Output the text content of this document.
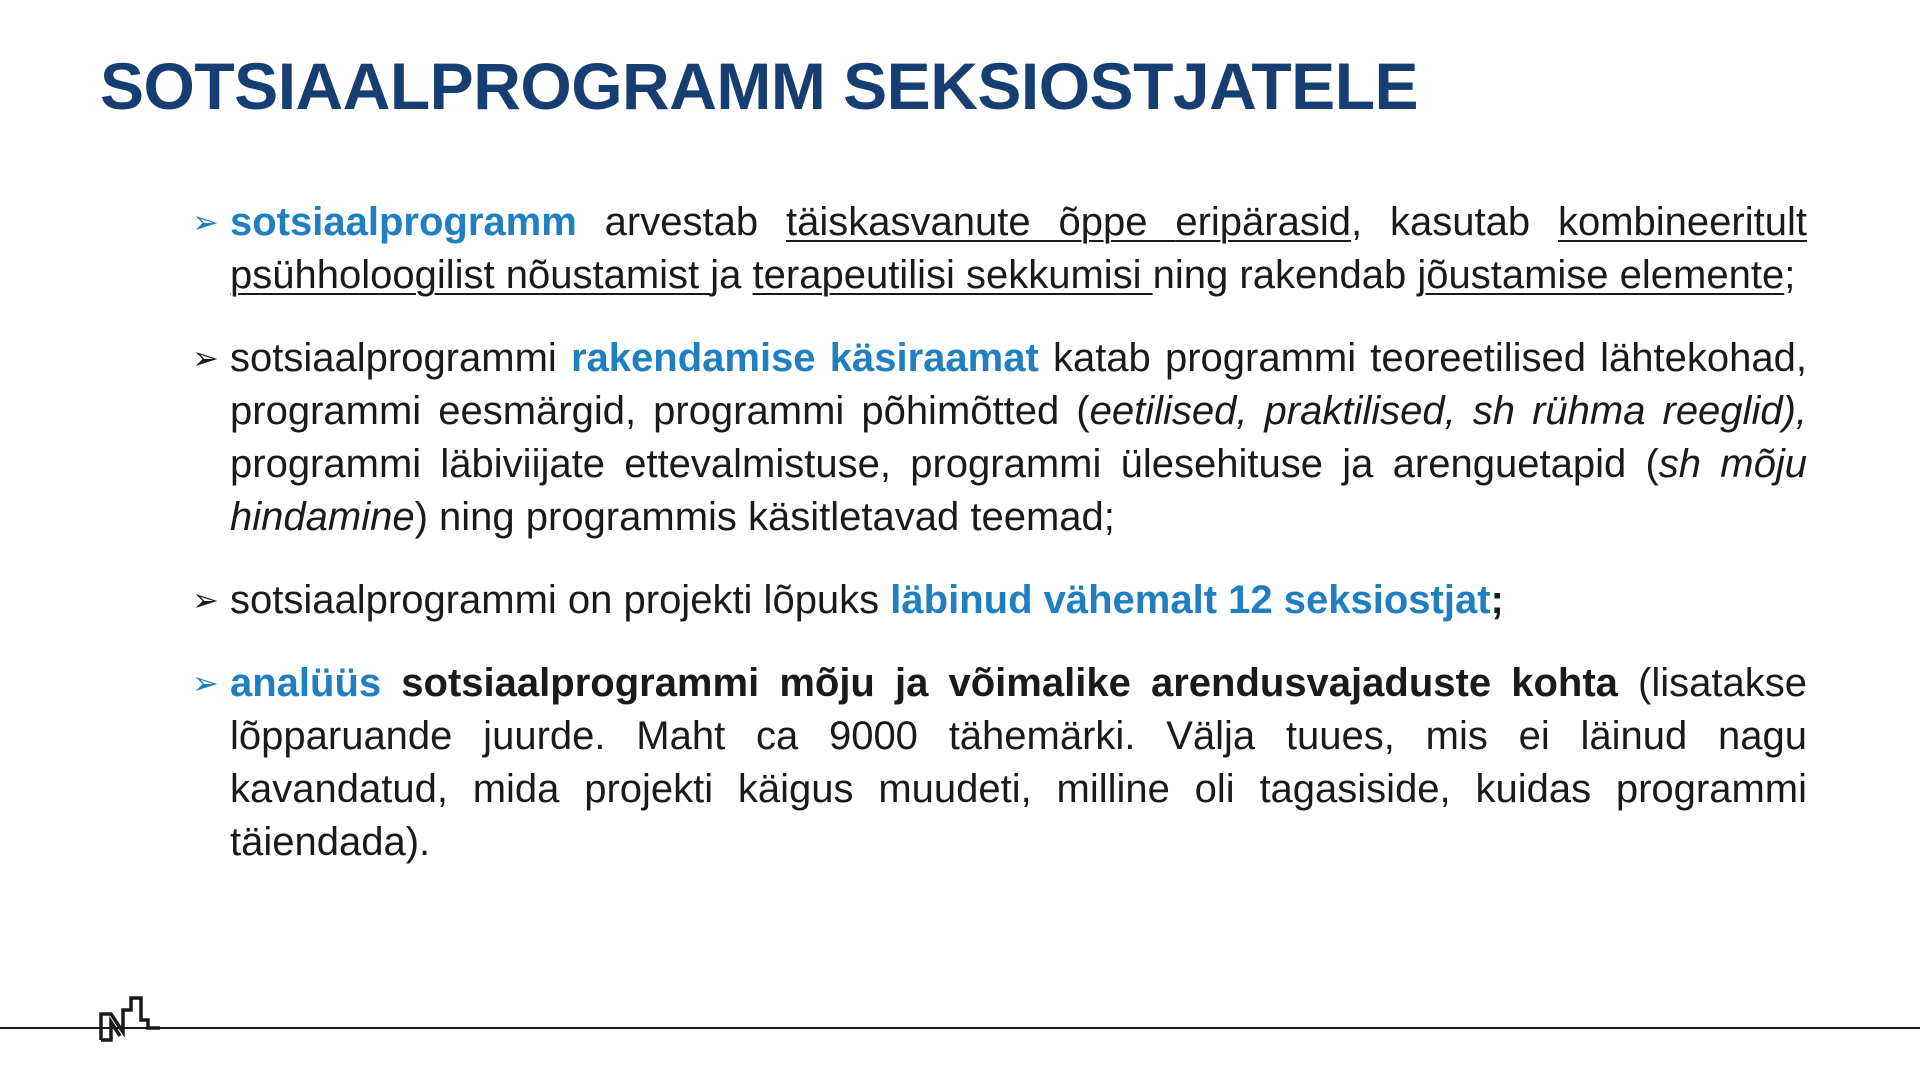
SOTSIAALPROGRAMM SEKSIOSTJATELE
➢ sotsiaalprogramm arvestab täiskasvanute õppe eripärasid, kasutab kombineeritult psühholoogilist nõustamist ja terapeutilisi sekkumisi ning rakendab jõustamise elemente;
➢ sotsiaalprogrammi rakendamise käsiraamat katab programmi teoreetilised lähtekohad, programmi eesmärgid, programmi põhimõtted (eetilised, praktilised, sh rühma reeglid), programmi läbiviijate ettevalmistuse, programmi ülesehituse ja arenguetapid (sh mõju hindamine) ning programmis käsitletavad teemad;
➢ sotsiaalprogrammi on projekti lõpuks läbinud vähemalt 12 seksiostjat;
➢ analüüs sotsiaalprogrammi mõju ja võimalike arendusvajaduste kohta (lisatakse lõpparuande juurde. Maht ca 9000 tähemärki. Välja tuues, mis ei läinud nagu kavandatud, mida projekti käigus muudeti, milline oli tagasiside, kuidas programmi täiendada).
